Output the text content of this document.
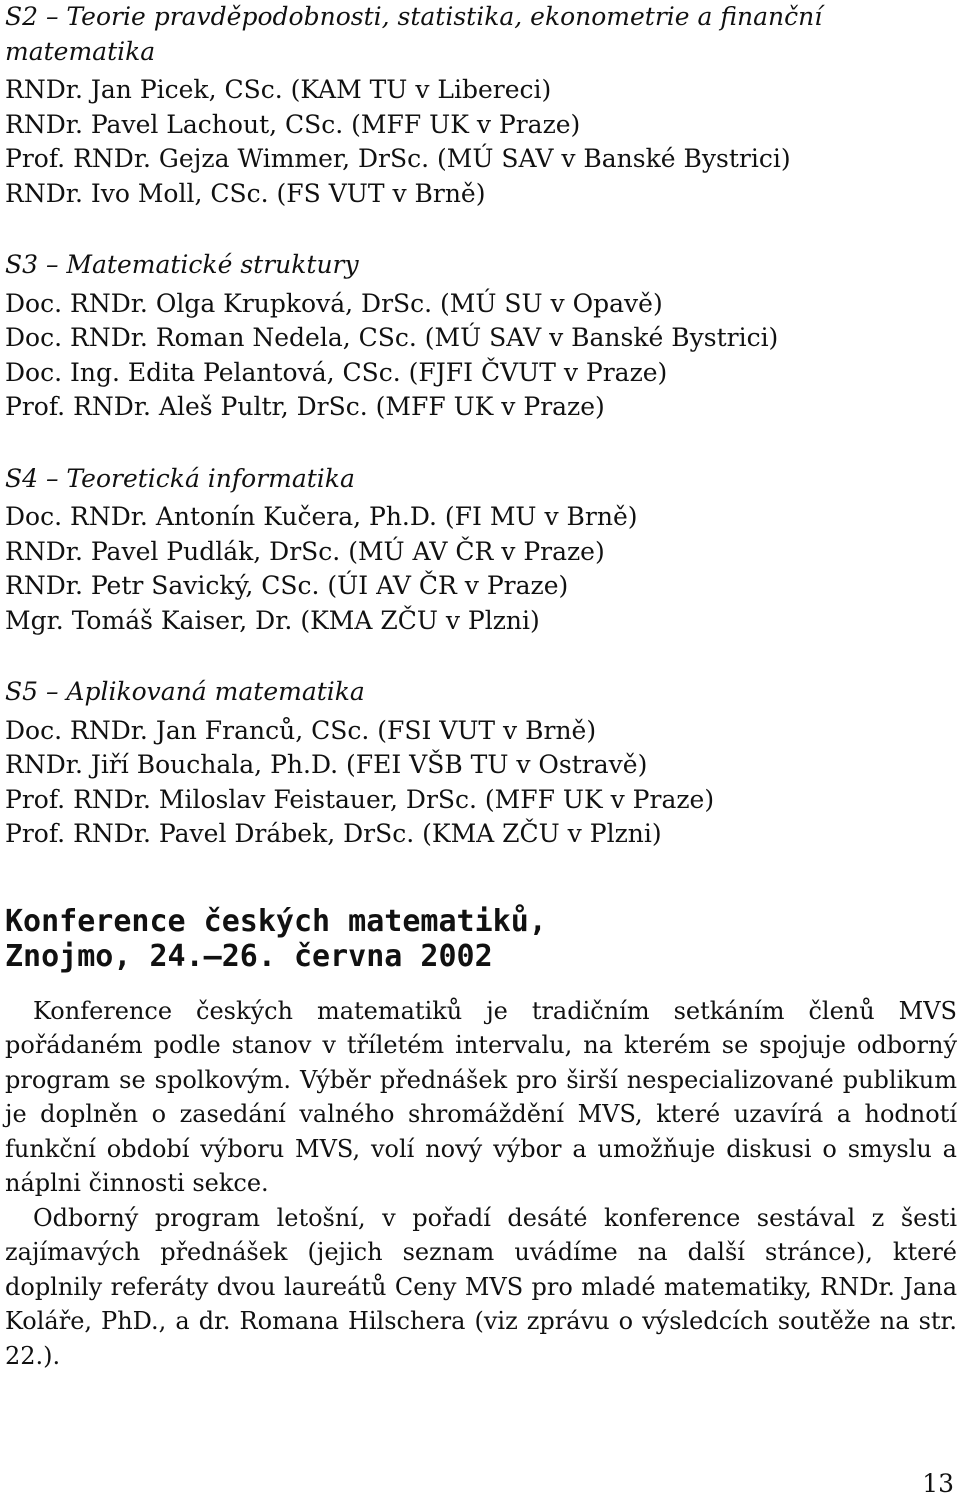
S2 – Teorie pravděpodobnosti, statistika, ekonometrie a finanční matematika

RNDr. Jan Picek, CSc. (KAM TU v Libereci)

RNDr. Pavel Lachout, CSc. (MFF UK v Praze)

Prof. RNDr. Gejza Wimmer, DrSc. (MÚ SAV v Banské Bystrici)

RNDr. Ivo Moll, CSc. (FS VUT v Brně)

S3 – Matematické struktury

Doc. RNDr. Olga Krupková, DrSc. (MÚ SU v Opavě)

Doc. RNDr. Roman Nedela, CSc. (MÚ SAV v Banské Bystrici)

Doc. Ing. Edita Pelantová, CSc. (FJFI ČVUT v Praze)

Prof. RNDr. Aleš Pultr, DrSc. (MFF UK v Praze)

S4 – Teoretická informatika

Doc. RNDr. Antonín Kučera, Ph.D. (FI MU v Brně)

RNDr. Pavel Pudlák, DrSc. (MÚ AV ČR v Praze)

RNDr. Petr Savický, CSc. (ÚI AV ČR v Praze)

Mgr. Tomáš Kaiser, Dr. (KMA ZČU v Plzni)

S5 – Aplikovaná matematika

Doc. RNDr. Jan Franců, CSc. (FSI VUT v Brně)

RNDr. Jiří Bouchala, Ph.D. (FEI VŠB TU v Ostravě)

Prof. RNDr. Miloslav Feistauer, DrSc. (MFF UK v Praze)

Prof. RNDr. Pavel Drábek, DrSc. (KMA ZČU v Plzni)

Konference českých matematiků,
Znojmo, 24.–26. června 2002

Konference českých matematiků je tradičním setkáním členů MVS pořádaném podle stanov v tříletém intervalu, na kterém se spojuje odborný program se spolkovým. Výběr přednášek pro širší nespecializované publikum je doplněn o zasedání valného shromáždění MVS, které uzavírá a hodnotí funkční období výboru MVS, volí nový výbor a umožňuje diskusi o smyslu a náplni činnosti sekce.

Odborný program letošní, v pořadí desáté konference sestával z šesti zajímavých přednášek (jejich seznam uvádíme na další stránce), které doplnily referáty dvou laureátů Ceny MVS pro mladé matematiky, RNDr. Jana Koláře, PhD., a dr. Romana Hilschera (viz zprávu o výsledcích soutěže na str. 22.).

13
